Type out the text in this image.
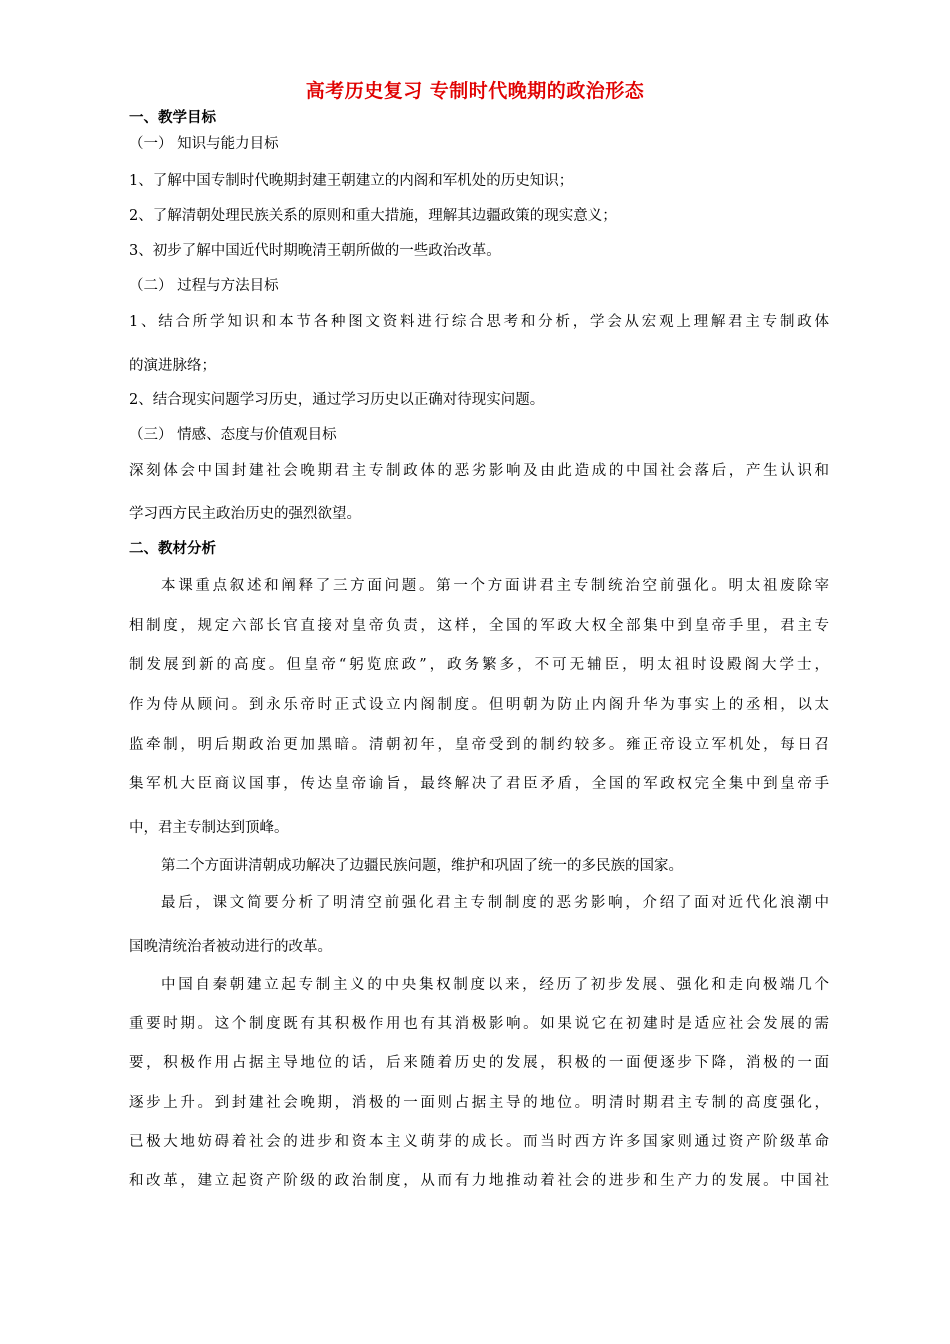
高考历史复习 专制时代晚期的政治形态
一、教学目标
（一） 知识与能力目标
1、了解中国专制时代晚期封建王朝建立的内阁和军机处的历史知识；
2、了解清朝处理民族关系的原则和重大措施，理解其边疆政策的现实意义；
3、初步了解中国近代时期晚清王朝所做的一些政治改革。
（二） 过程与方法目标
1、结合所学知识和本节各种图文资料进行综合思考和分析，学会从宏观上理解君主专制政体
的演进脉络；
2、结合现实问题学习历史，通过学习历史以正确对待现实问题。
（三） 情感、态度与价值观目标
深刻体会中国封建社会晚期君主专制政体的恶劣影响及由此造成的中国社会落后，产生认识和
学习西方民主政治历史的强烈欲望。
二、教材分析
本课重点叙述和阐释了三方面问题。第一个方面讲君主专制统治空前强化。明太祖废除宰
相制度，规定六部长官直接对皇帝负责，这样，全国的军政大权全部集中到皇帝手里，君主专
制发展到新的高度。但皇帝“躬览庶政”，政务繁多，不可无辅臣，明太祖时设殿阁大学士，
作为侍从顾问。到永乐帝时正式设立内阁制度。但明朝为防止内阁升华为事实上的丞相，以太
监牵制，明后期政治更加黑暗。清朝初年，皇帝受到的制约较多。雍正帝设立军机处，每日召
集军机大臣商议国事，传达皇帝谕旨，最终解决了君臣矛盾，全国的军政权完全集中到皇帝手
中，君主专制达到顶峰。
第二个方面讲清朝成功解决了边疆民族问题，维护和巩固了统一的多民族的国家。
最后，课文简要分析了明清空前强化君主专制制度的恶劣影响，介绍了面对近代化浪潮中
国晚清统治者被动进行的改革。
中国自秦朝建立起专制主义的中央集权制度以来，经历了初步发展、强化和走向极端几个
重要时期。这个制度既有其积极作用也有其消极影响。如果说它在初建时是适应社会发展的需
要，积极作用占据主导地位的话，后来随着历史的发展，积极的一面便逐步下降，消极的一面
逐步上升。到封建社会晚期，消极的一面则占据主导的地位。明清时期君主专制的高度强化，
已极大地妨碍着社会的进步和资本主义萌芽的成长。而当时西方许多国家则通过资产阶级革命
和改革，建立起资产阶级的政治制度，从而有力地推动着社会的进步和生产力的发展。中国社
